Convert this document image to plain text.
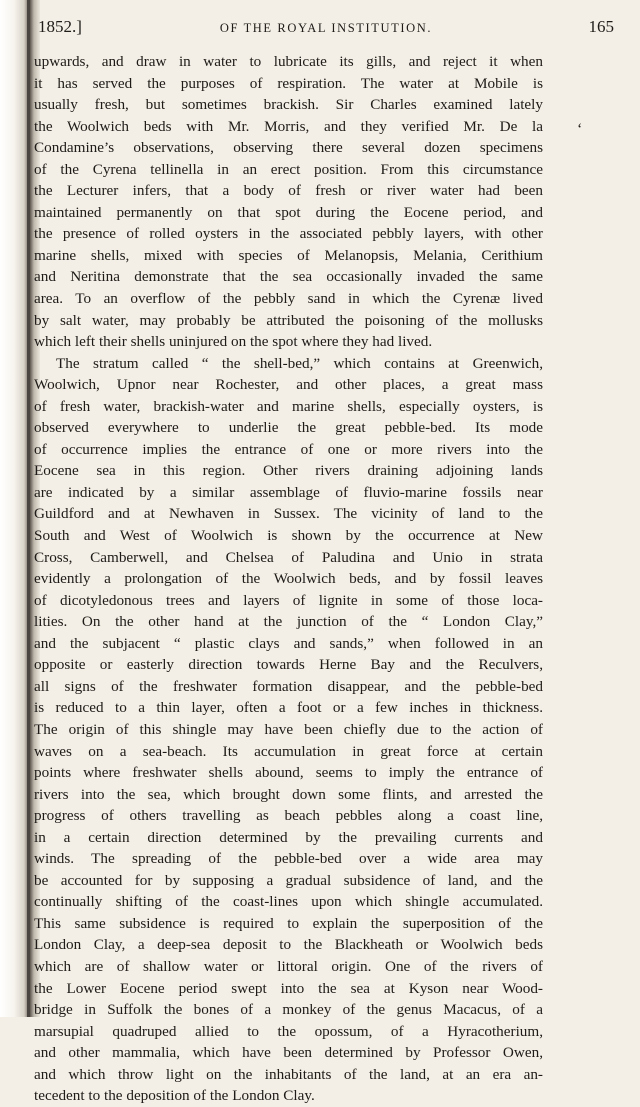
1852.]	OF THE ROYAL INSTITUTION.	165
‘
upwards, and draw in water to lubricate its gills, and reject it when
it has served the purposes of respiration. The water at Mobile is
usually fresh, but sometimes brackish. Sir Charles examined lately
the Woolwich beds with Mr. Morris, and they verified Mr. De la
Condamine’s observations, observing there several dozen specimens
of the Cyrena tellinella in an erect position. From this circumstance
the Lecturer infers, that a body of fresh or river water had been
maintained permanently on that spot during the Eocene period, and
the presence of rolled oysters in the associated pebbly layers, with other
marine shells, mixed with species of Melanopsis, Melania, Cerithium
and Neritina demonstrate that the sea occasionally invaded the same
area. To an overflow of the pebbly sand in which the Cyrenæ lived
by salt water, may probably be attributed the poisoning of the mollusks
which left their shells uninjured on the spot where they had lived.
The stratum called “ the shell-bed,” which contains at Greenwich,
Woolwich, Upnor near Rochester, and other places, a great mass
of fresh water, brackish-water and marine shells, especially oysters, is
observed everywhere to underlie the great pebble-bed. Its mode
of occurrence implies the entrance of one or more rivers into the
Eocene sea in this region. Other rivers draining adjoining lands
are indicated by a similar assemblage of fluvio-marine fossils near
Guildford and at Newhaven in Sussex. The vicinity of land to the
South and West of Woolwich is shown by the occurrence at New
Cross, Camberwell, and Chelsea of Paludina and Unio in strata
evidently a prolongation of the Woolwich beds, and by fossil leaves
of dicotyledonous trees and layers of lignite in some of those loca-
lities. On the other hand at the junction of the “ London Clay,”
and the subjacent “ plastic clays and sands,” when followed in an
opposite or easterly direction towards Herne Bay and the Reculvers,
all signs of the freshwater formation disappear, and the pebble-bed
is reduced to a thin layer, often a foot or a few inches in thickness.
The origin of this shingle may have been chiefly due to the action of
waves on a sea-beach. Its accumulation in great force at certain
points where freshwater shells abound, seems to imply the entrance of
rivers into the sea, which brought down some flints, and arrested the
progress of others travelling as beach pebbles along a coast line,
in a certain direction determined by the prevailing currents and
winds. The spreading of the pebble-bed over a wide area may
be accounted for by supposing a gradual subsidence of land, and the
continually shifting of the coast-lines upon which shingle accumulated.
This same subsidence is required to explain the superposition of the
London Clay, a deep-sea deposit to the Blackheath or Woolwich beds
which are of shallow water or littoral origin. One of the rivers of
the Lower Eocene period swept into the sea at Kyson near Wood-
bridge in Suffolk the bones of a monkey of the genus Macacus, of a
marsupial quadruped allied to the opossum, of a Hyracotherium,
and other mammalia, which have been determined by Professor Owen,
and which throw light on the inhabitants of the land, at an era an-
tecedent to the deposition of the London Clay.
